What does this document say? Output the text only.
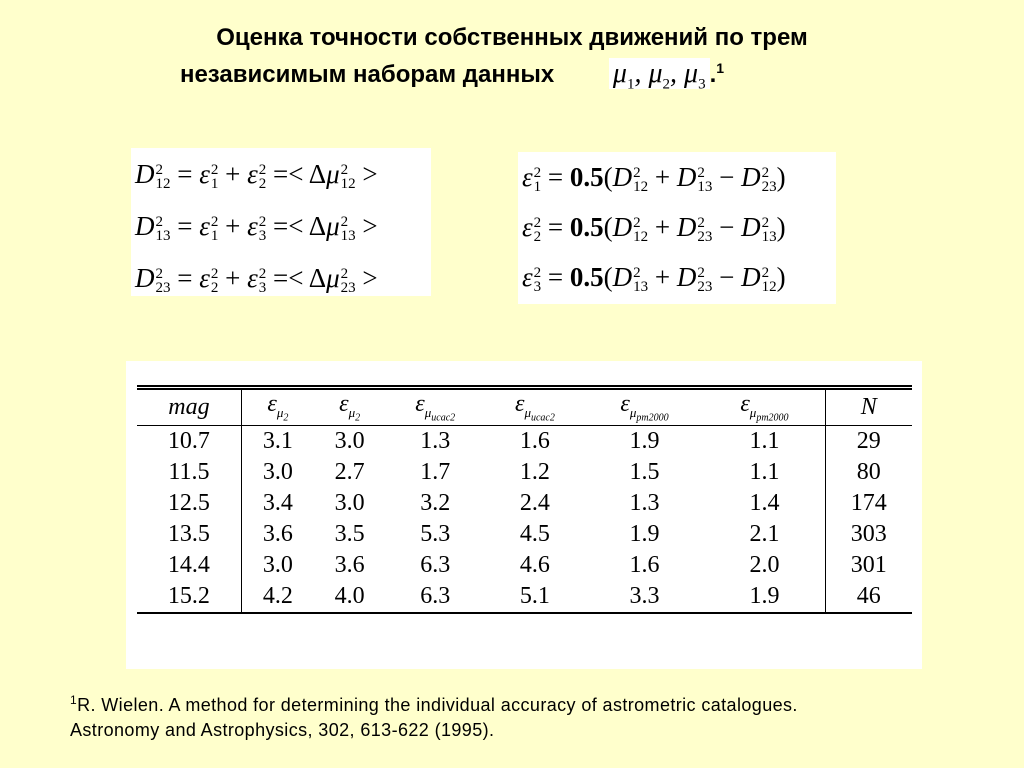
Оценка точности собственных движений по трем
независимым наборам данных $\mu_1$, $\mu_2$, $\mu_3$ .$^1$
D 2
12 = ε 2
1 + ε 2
2 =< Δμ 2
12 >
D 2
13 = ε 2
1 + ε 2
3 =< Δμ 2
13 >
D 2
23 = ε 2
2 + ε 2
3 =< Δμ 2
23 >
ε 2
1 = 0.5(D 2
12 + D 2
13 − D 2
23 )
ε 2
2 = 0.5(D 2
12 + D 2
23 − D 2
13 )
ε 2
3 = 0.5(D 2
13 + D 2
23 − D 2
12 )
mag	$\varepsilon_{\mu_2}$	$\varepsilon_{\mu_2}$	$\varepsilon_{\mu_{ucac2}}$	$\varepsilon_{\mu_{ucac2}}$	$\varepsilon_{\mu_{pm2000}}$	$\varepsilon_{\mu_{pm2000}}$	N
10.7	3.1	3.0	1.3	1.6	1.9	1.1	29
11.5	3.0	2.7	1.7	1.2	1.5	1.1	80
12.5	3.4	3.0	3.2	2.4	1.3	1.4	174
13.5	3.6	3.5	5.3	4.5	1.9	2.1	303
14.4	3.0	3.6	6.3	4.6	1.6	2.0	301
15.2	4.2	4.0	6.3	5.1	3.3	1.9	46
$^1$R. Wielen. A method for determining the individual accuracy of astrometric catalogues.
Astronomy and Astrophysics, 302, 613-622 (1995).
